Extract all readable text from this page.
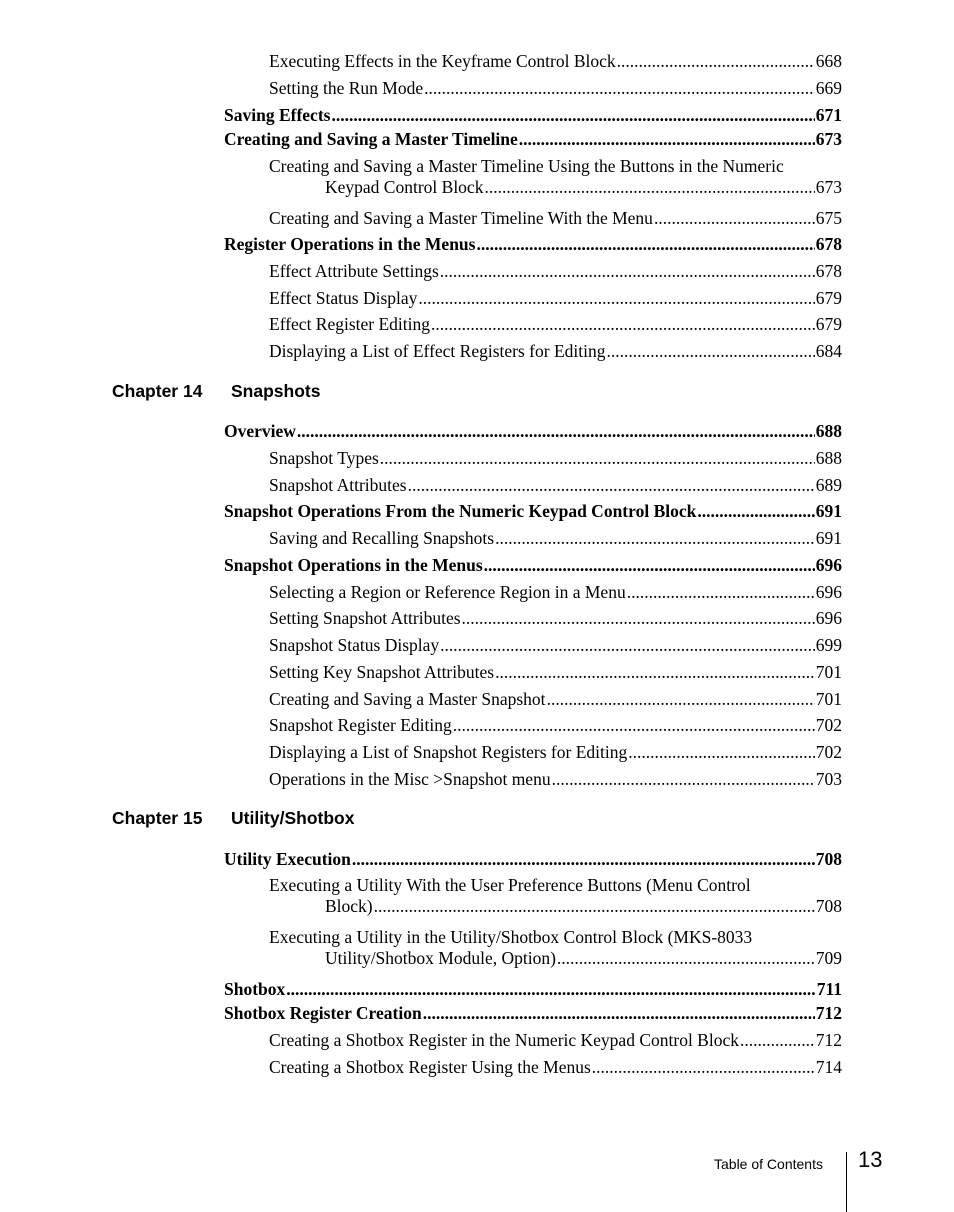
Executing Effects in the Keyframe Control Block .....	668
Setting the Run Mode .....	669
Saving Effects .....	671
Creating and Saving a Master Timeline .....	673
Creating and Saving a Master Timeline Using the Buttons in the Numeric
Keypad Control Block .....	673
Creating and Saving a Master Timeline With the Menu .....	675
Register Operations in the Menus .....	678
Effect Attribute Settings .....	678
Effect Status Display .....	679
Effect Register Editing .....	679
Displaying a List of Effect Registers for Editing .....	684
Chapter 14 Snapshots
Overview .....	688
Snapshot Types .....	688
Snapshot Attributes .....	689
Snapshot Operations From the Numeric Keypad Control Block .....	691
Saving and Recalling Snapshots .....	691
Snapshot Operations in the Menus .....	696
Selecting a Region or Reference Region in a Menu .....	696
Setting Snapshot Attributes .....	696
Snapshot Status Display .....	699
Setting Key Snapshot Attributes .....	701
Creating and Saving a Master Snapshot .....	701
Snapshot Register Editing .....	702
Displaying a List of Snapshot Registers for Editing .....	702
Operations in the Misc >Snapshot menu .....	703
Chapter 15 Utility/Shotbox
Utility Execution .....	708
Executing a Utility With the User Preference Buttons (Menu Control
Block) .....	708
Executing a Utility in the Utility/Shotbox Control Block (MKS-8033
Utility/Shotbox Module, Option) .....	709
Shotbox .....	711
Shotbox Register Creation .....	712
Creating a Shotbox Register in the Numeric Keypad Control Block .....	712
Creating a Shotbox Register Using the Menus .....	714
Table of Contents 13
